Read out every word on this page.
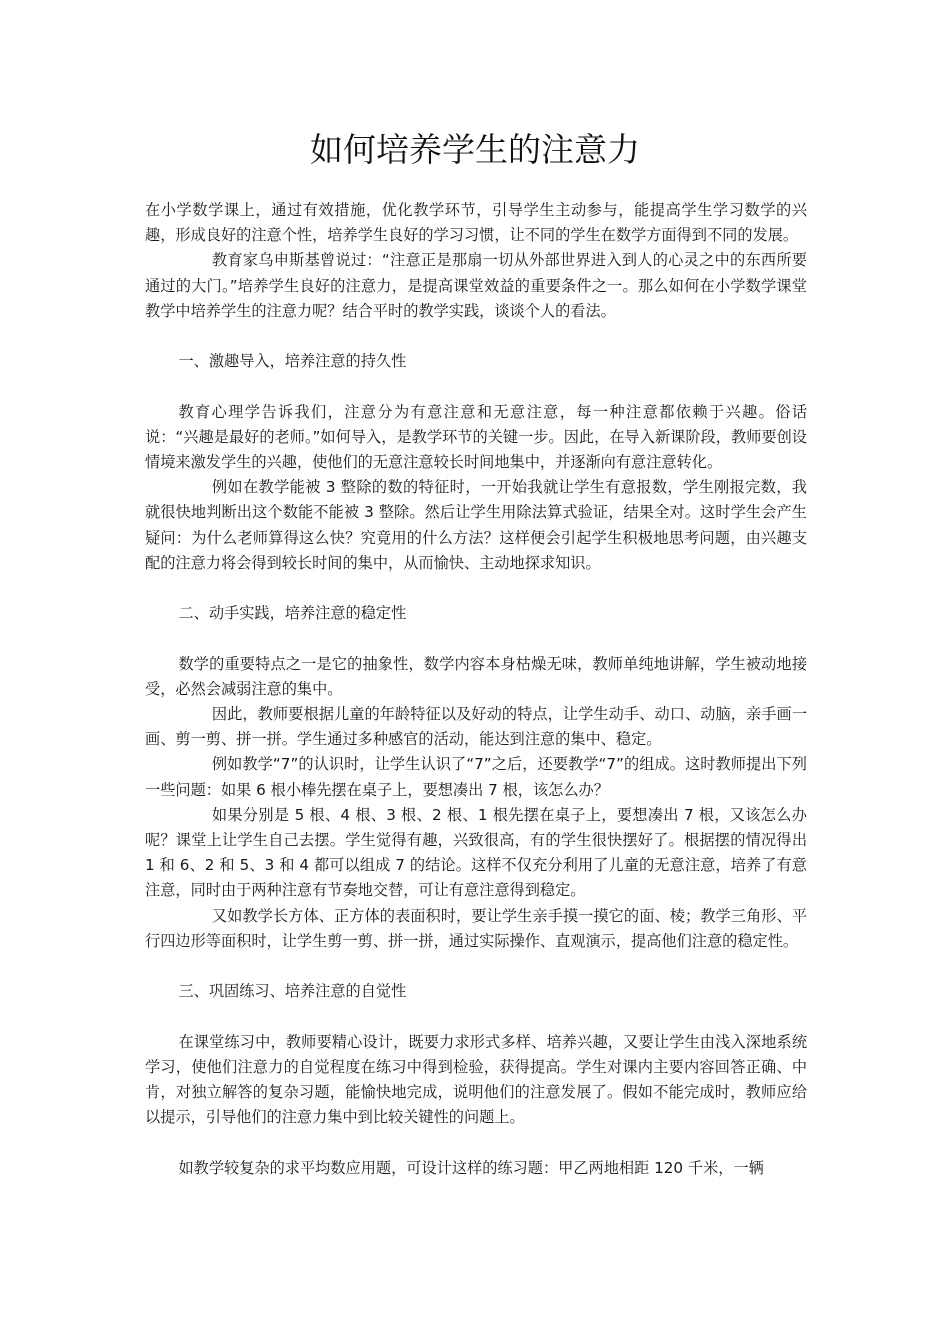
如何培养学生的注意力

在小学数学课上，通过有效措施，优化教学环节，引导学生主动参与，能提高学生学习数学的兴趣，形成良好的注意个性，培养学生良好的学习习惯，让不同的学生在数学方面得到不同的发展。

教育家乌申斯基曾说过：“注意正是那扇一切从外部世界进入到人的心灵之中的东西所要通过的大门。”培养学生良好的注意力，是提高课堂效益的重要条件之一。那么如何在小学数学课堂教学中培养学生的注意力呢？结合平时的教学实践，谈谈个人的看法。

一、激趣导入，培养注意的持久性

教育心理学告诉我们，注意分为有意注意和无意注意，每一种注意都依赖于兴趣。俗话说：“兴趣是最好的老师。”如何导入，是教学环节的关键一步。因此，在导入新课阶段，教师要创设情境来激发学生的兴趣，使他们的无意注意较长时间地集中，并逐渐向有意注意转化。

例如在教学能被 3 整除的数的特征时，一开始我就让学生有意报数，学生刚报完数，我就很快地判断出这个数能不能被 3 整除。然后让学生用除法算式验证，结果全对。这时学生会产生疑问：为什么老师算得这么快？究竟用的什么方法？这样便会引起学生积极地思考问题，由兴趣支配的注意力将会得到较长时间的集中，从而愉快、主动地探求知识。

二、动手实践，培养注意的稳定性

数学的重要特点之一是它的抽象性，数学内容本身枯燥无味，教师单纯地讲解，学生被动地接受，必然会减弱注意的集中。

因此，教师要根据儿童的年龄特征以及好动的特点，让学生动手、动口、动脑，亲手画一画、剪一剪、拼一拼。学生通过多种感官的活动，能达到注意的集中、稳定。

例如教学“7”的认识时，让学生认识了“7”之后，还要教学“7”的组成。这时教师提出下列一些问题：如果 6 根小棒先摆在桌子上，要想凑出 7 根，该怎么办？

如果分别是 5 根、4 根、3 根、2 根、1 根先摆在桌子上，要想凑出 7 根，又该怎么办呢？课堂上让学生自己去摆。学生觉得有趣，兴致很高，有的学生很快摆好了。根据摆的情况得出 1 和 6、2 和 5、3 和 4 都可以组成 7 的结论。这样不仅充分利用了儿童的无意注意，培养了有意注意，同时由于两种注意有节奏地交替，可让有意注意得到稳定。

又如教学长方体、正方体的表面积时，要让学生亲手摸一摸它的面、棱；教学三角形、平行四边形等面积时，让学生剪一剪、拼一拼，通过实际操作、直观演示，提高他们注意的稳定性。

三、巩固练习、培养注意的自觉性

在课堂练习中，教师要精心设计，既要力求形式多样、培养兴趣，又要让学生由浅入深地系统学习，使他们注意力的自觉程度在练习中得到检验，获得提高。学生对课内主要内容回答正确、中肯，对独立解答的复杂习题，能愉快地完成，说明他们的注意发展了。假如不能完成时，教师应给以提示，引导他们的注意力集中到比较关键性的问题上。

如教学较复杂的求平均数应用题，可设计这样的练习题：甲乙两地相距 120 千米，一辆
